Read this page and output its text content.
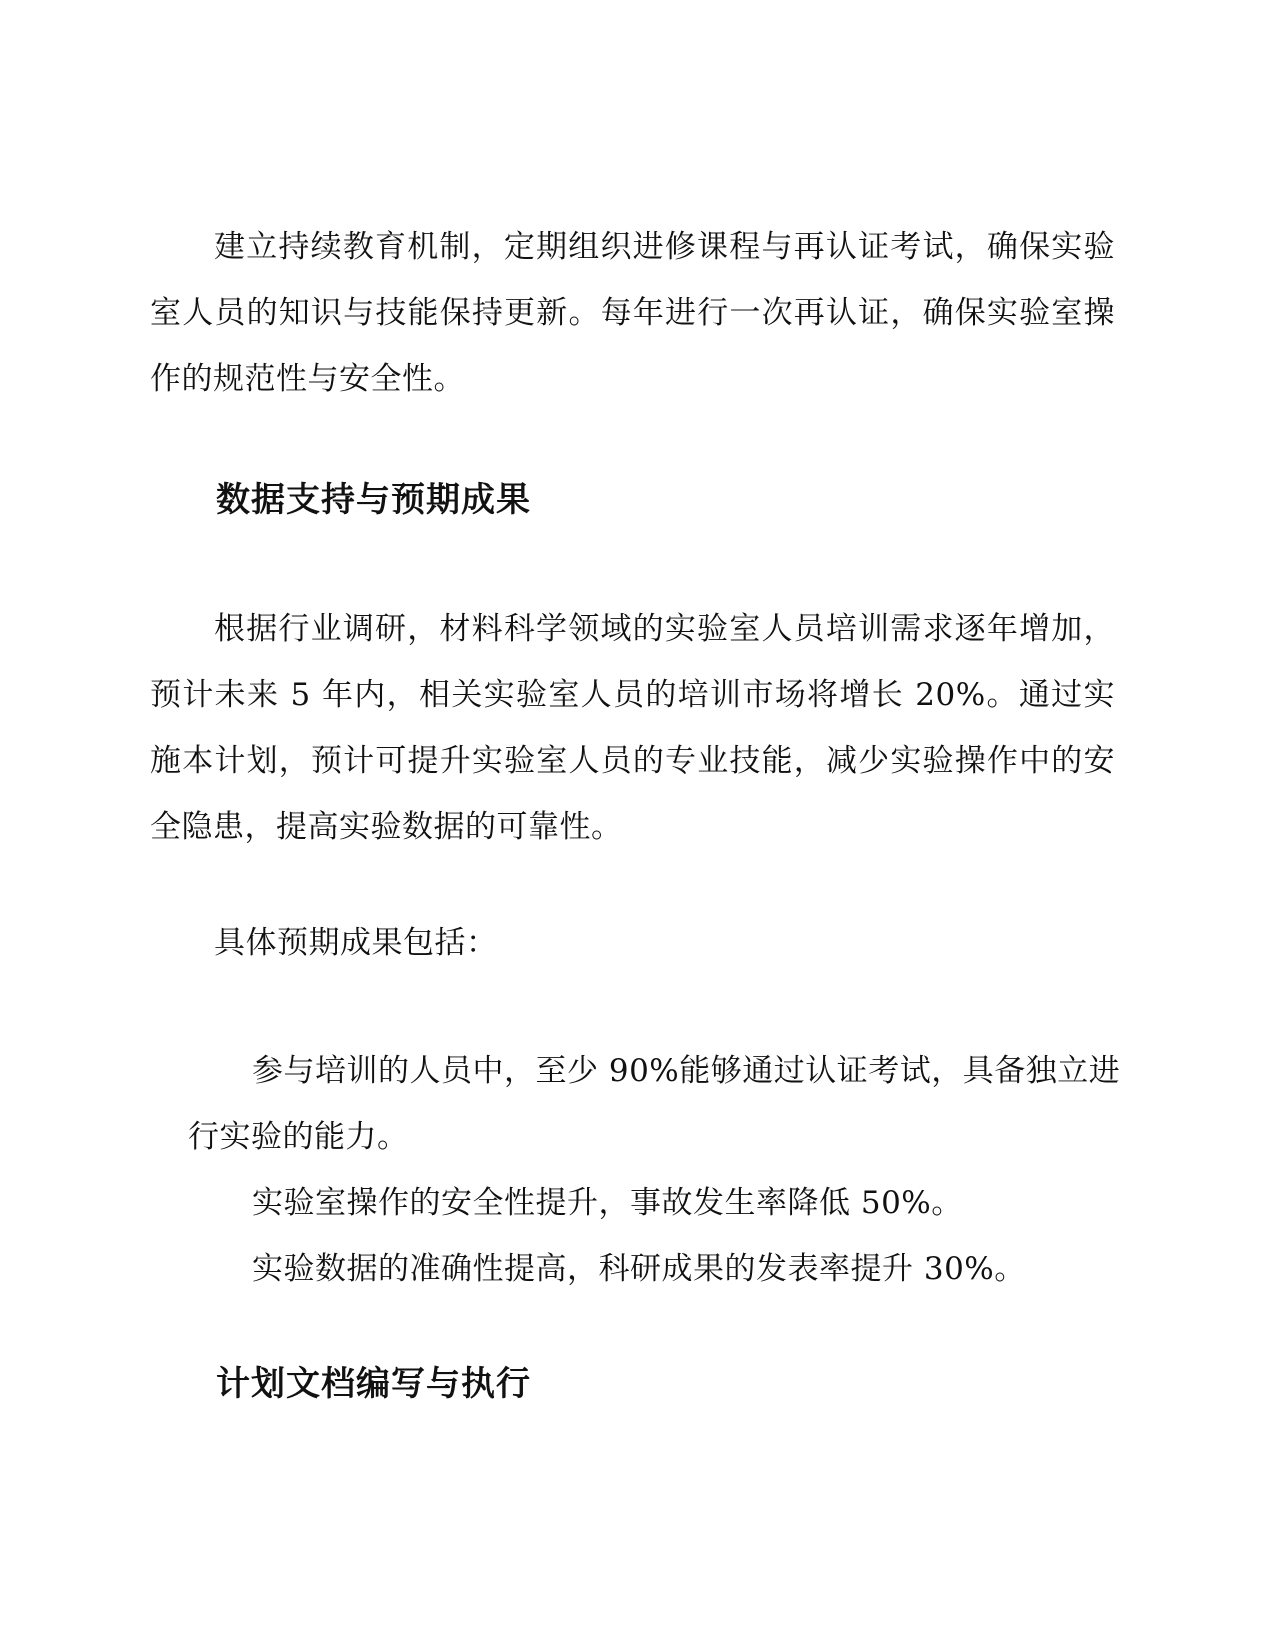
建立持续教育机制，定期组织进修课程与再认证考试，确保实验室人员的知识与技能保持更新。每年进行一次再认证，确保实验室操作的规范性与安全性。

数据支持与预期成果

根据行业调研，材料科学领域的实验室人员培训需求逐年增加，预计未来 5 年内，相关实验室人员的培训市场将增长 20%。通过实施本计划，预计可提升实验室人员的专业技能，减少实验操作中的安全隐患，提高实验数据的可靠性。

具体预期成果包括：

参与培训的人员中，至少 90%能够通过认证考试，具备独立进行实验的能力。
实验室操作的安全性提升，事故发生率降低 50%。
实验数据的准确性提高，科研成果的发表率提升 30%。
计划文档编写与执行
